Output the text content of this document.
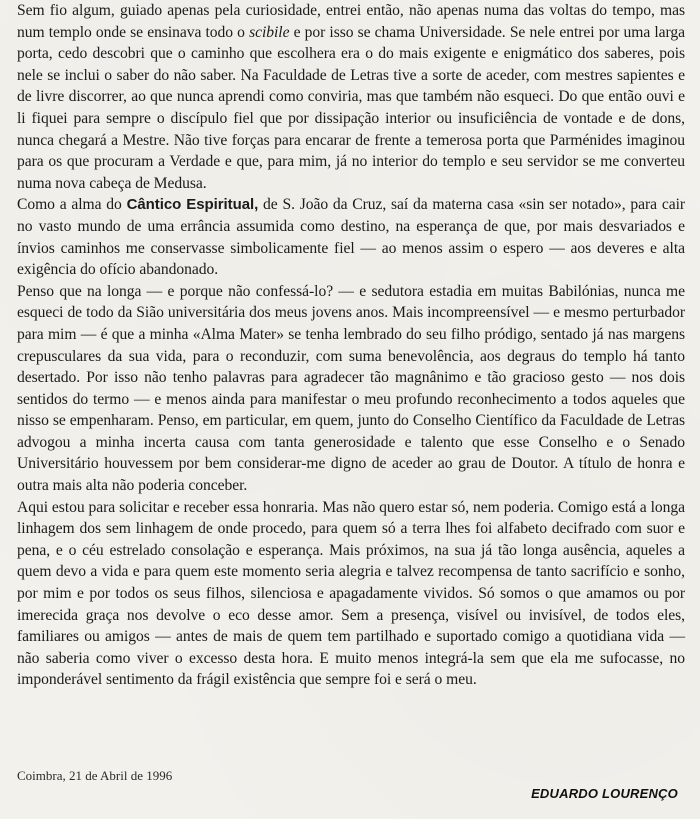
Sem fio algum, guiado apenas pela curiosidade, entrei então, não apenas numa das voltas do tempo, mas num templo onde se ensinava todo o scibile e por isso se chama Universidade. Se nele entrei por uma larga porta, cedo descobri que o caminho que escolhera era o do mais exigente e enigmático dos saberes, pois nele se inclui o saber do não saber. Na Faculdade de Letras tive a sorte de aceder, com mestres sapientes e de livre discorrer, ao que nunca aprendi como conviria, mas que também não esqueci. Do que então ouvi e li fiquei para sempre o discípulo fiel que por dissipação interior ou insuficiência de vontade e de dons, nunca chegará a Mestre. Não tive forças para encarar de frente a temerosa porta que Parménides imaginou para os que procuram a Verdade e que, para mim, já no interior do templo e seu servidor se me converteu numa nova cabeça de Medusa.

Como a alma do Cântico Espiritual, de S. João da Cruz, saí da materna casa «sin ser notado», para cair no vasto mundo de uma errância assumida como destino, na esperança de que, por mais desvariados e ínvios caminhos me conservasse simbolicamente fiel — ao menos assim o espero — aos deveres e alta exigência do ofício abandonado.

Penso que na longa — e porque não confessá-lo? — e sedutora estadia em muitas Babilónias, nunca me esqueci de todo da Sião universitária dos meus jovens anos. Mais incompreensível — e mesmo perturbador para mim — é que a minha «Alma Mater» se tenha lembrado do seu filho pródigo, sentado já nas margens crepusculares da sua vida, para o reconduzir, com suma benevolência, aos degraus do templo há tanto desertado. Por isso não tenho palavras para agradecer tão magnânimo e tão gracioso gesto — nos dois sentidos do termo — e menos ainda para manifestar o meu profundo reconhecimento a todos aqueles que nisso se empenharam. Penso, em particular, em quem, junto do Conselho Científico da Faculdade de Letras advogou a minha incerta causa com tanta generosidade e talento que esse Conselho e o Senado Universitário houvessem por bem considerar-me digno de aceder ao grau de Doutor. A título de honra e outra mais alta não poderia conceber.

Aqui estou para solicitar e receber essa honraria. Mas não quero estar só, nem poderia. Comigo está a longa linhagem dos sem linhagem de onde procedo, para quem só a terra lhes foi alfabeto decifrado com suor e pena, e o céu estrelado consolação e esperança. Mais próximos, na sua já tão longa ausência, aqueles a quem devo a vida e para quem este momento seria alegria e talvez recompensa de tanto sacrifício e sonho, por mim e por todos os seus filhos, silenciosa e apagadamente vividos. Só somos o que amamos ou por imerecida graça nos devolve o eco desse amor. Sem a presença, visível ou invisível, de todos eles, familiares ou amigos — antes de mais de quem tem partilhado e suportado comigo a quotidiana vida — não saberia como viver o excesso desta hora. E muito menos integrá-la sem que ela me sufocasse, no imponderável sentimento da frágil existência que sempre foi e será o meu.

Coimbra, 21 de Abril de 1996
EDUARDO LOURENÇO
